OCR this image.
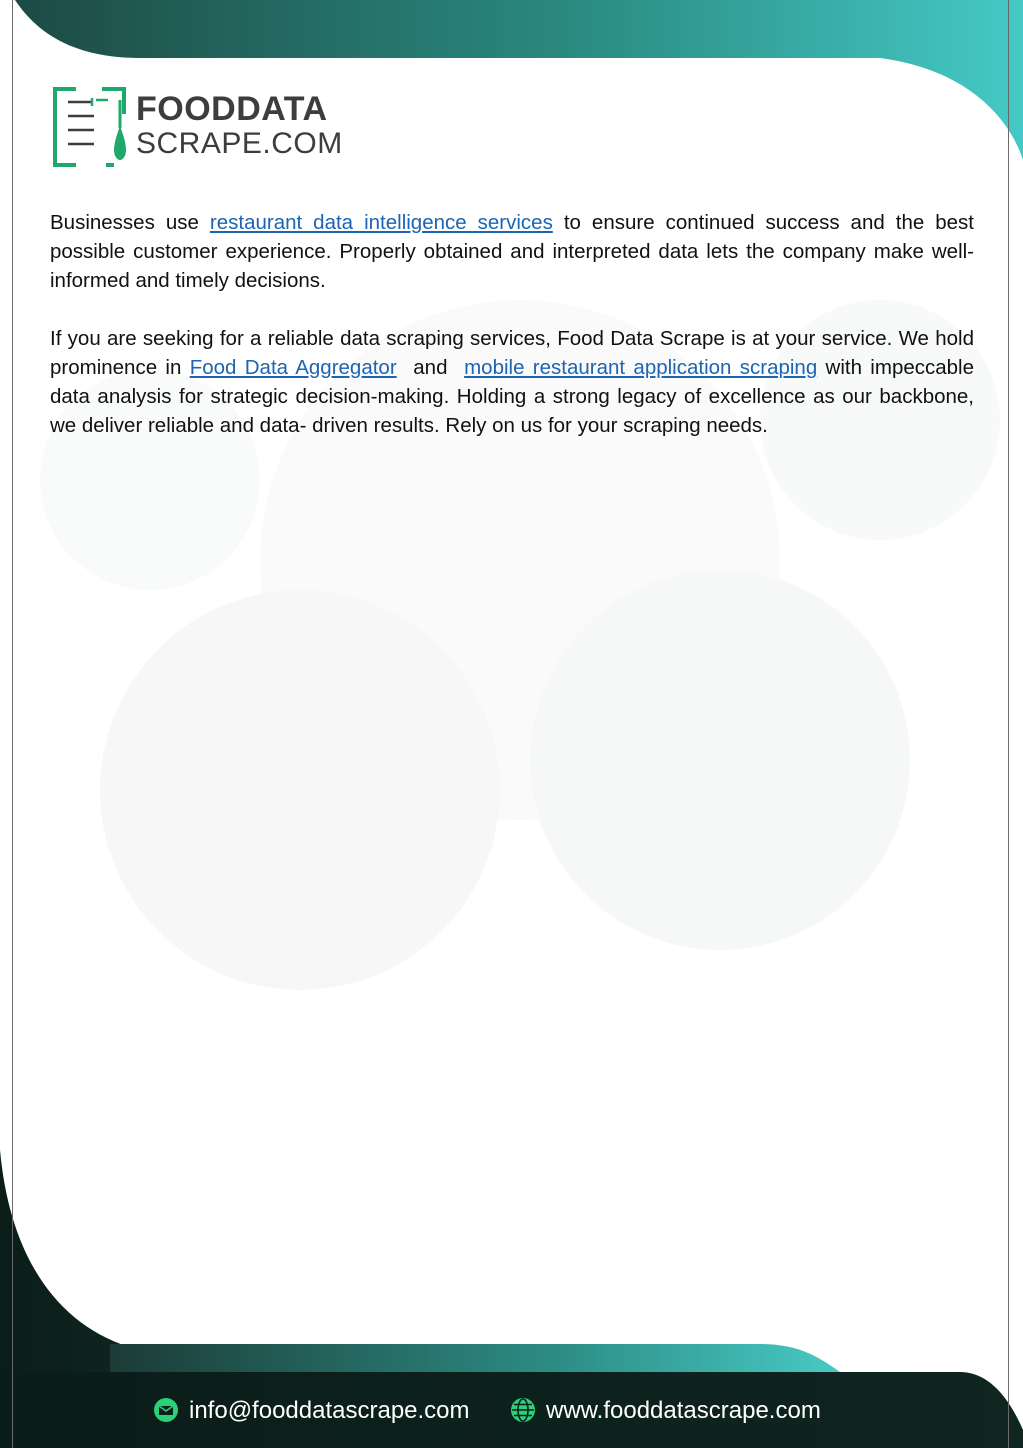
FOODDATA
SCRAPE.COM

Businesses use restaurant data intelligence services to ensure continued success and the best possible customer experience. Properly obtained and interpreted data lets the company make well-informed and timely decisions.

If you are seeking for a reliable data scraping services, Food Data Scrape is at your service. We hold prominence in Food Data Aggregator  and  mobile restaurant application scraping with impeccable data analysis for strategic decision-making. Holding a strong legacy of excellence as our backbone, we deliver reliable and data- driven results. Rely on us for your scraping needs.

info@fooddatascrape.com	www.fooddatascrape.com
